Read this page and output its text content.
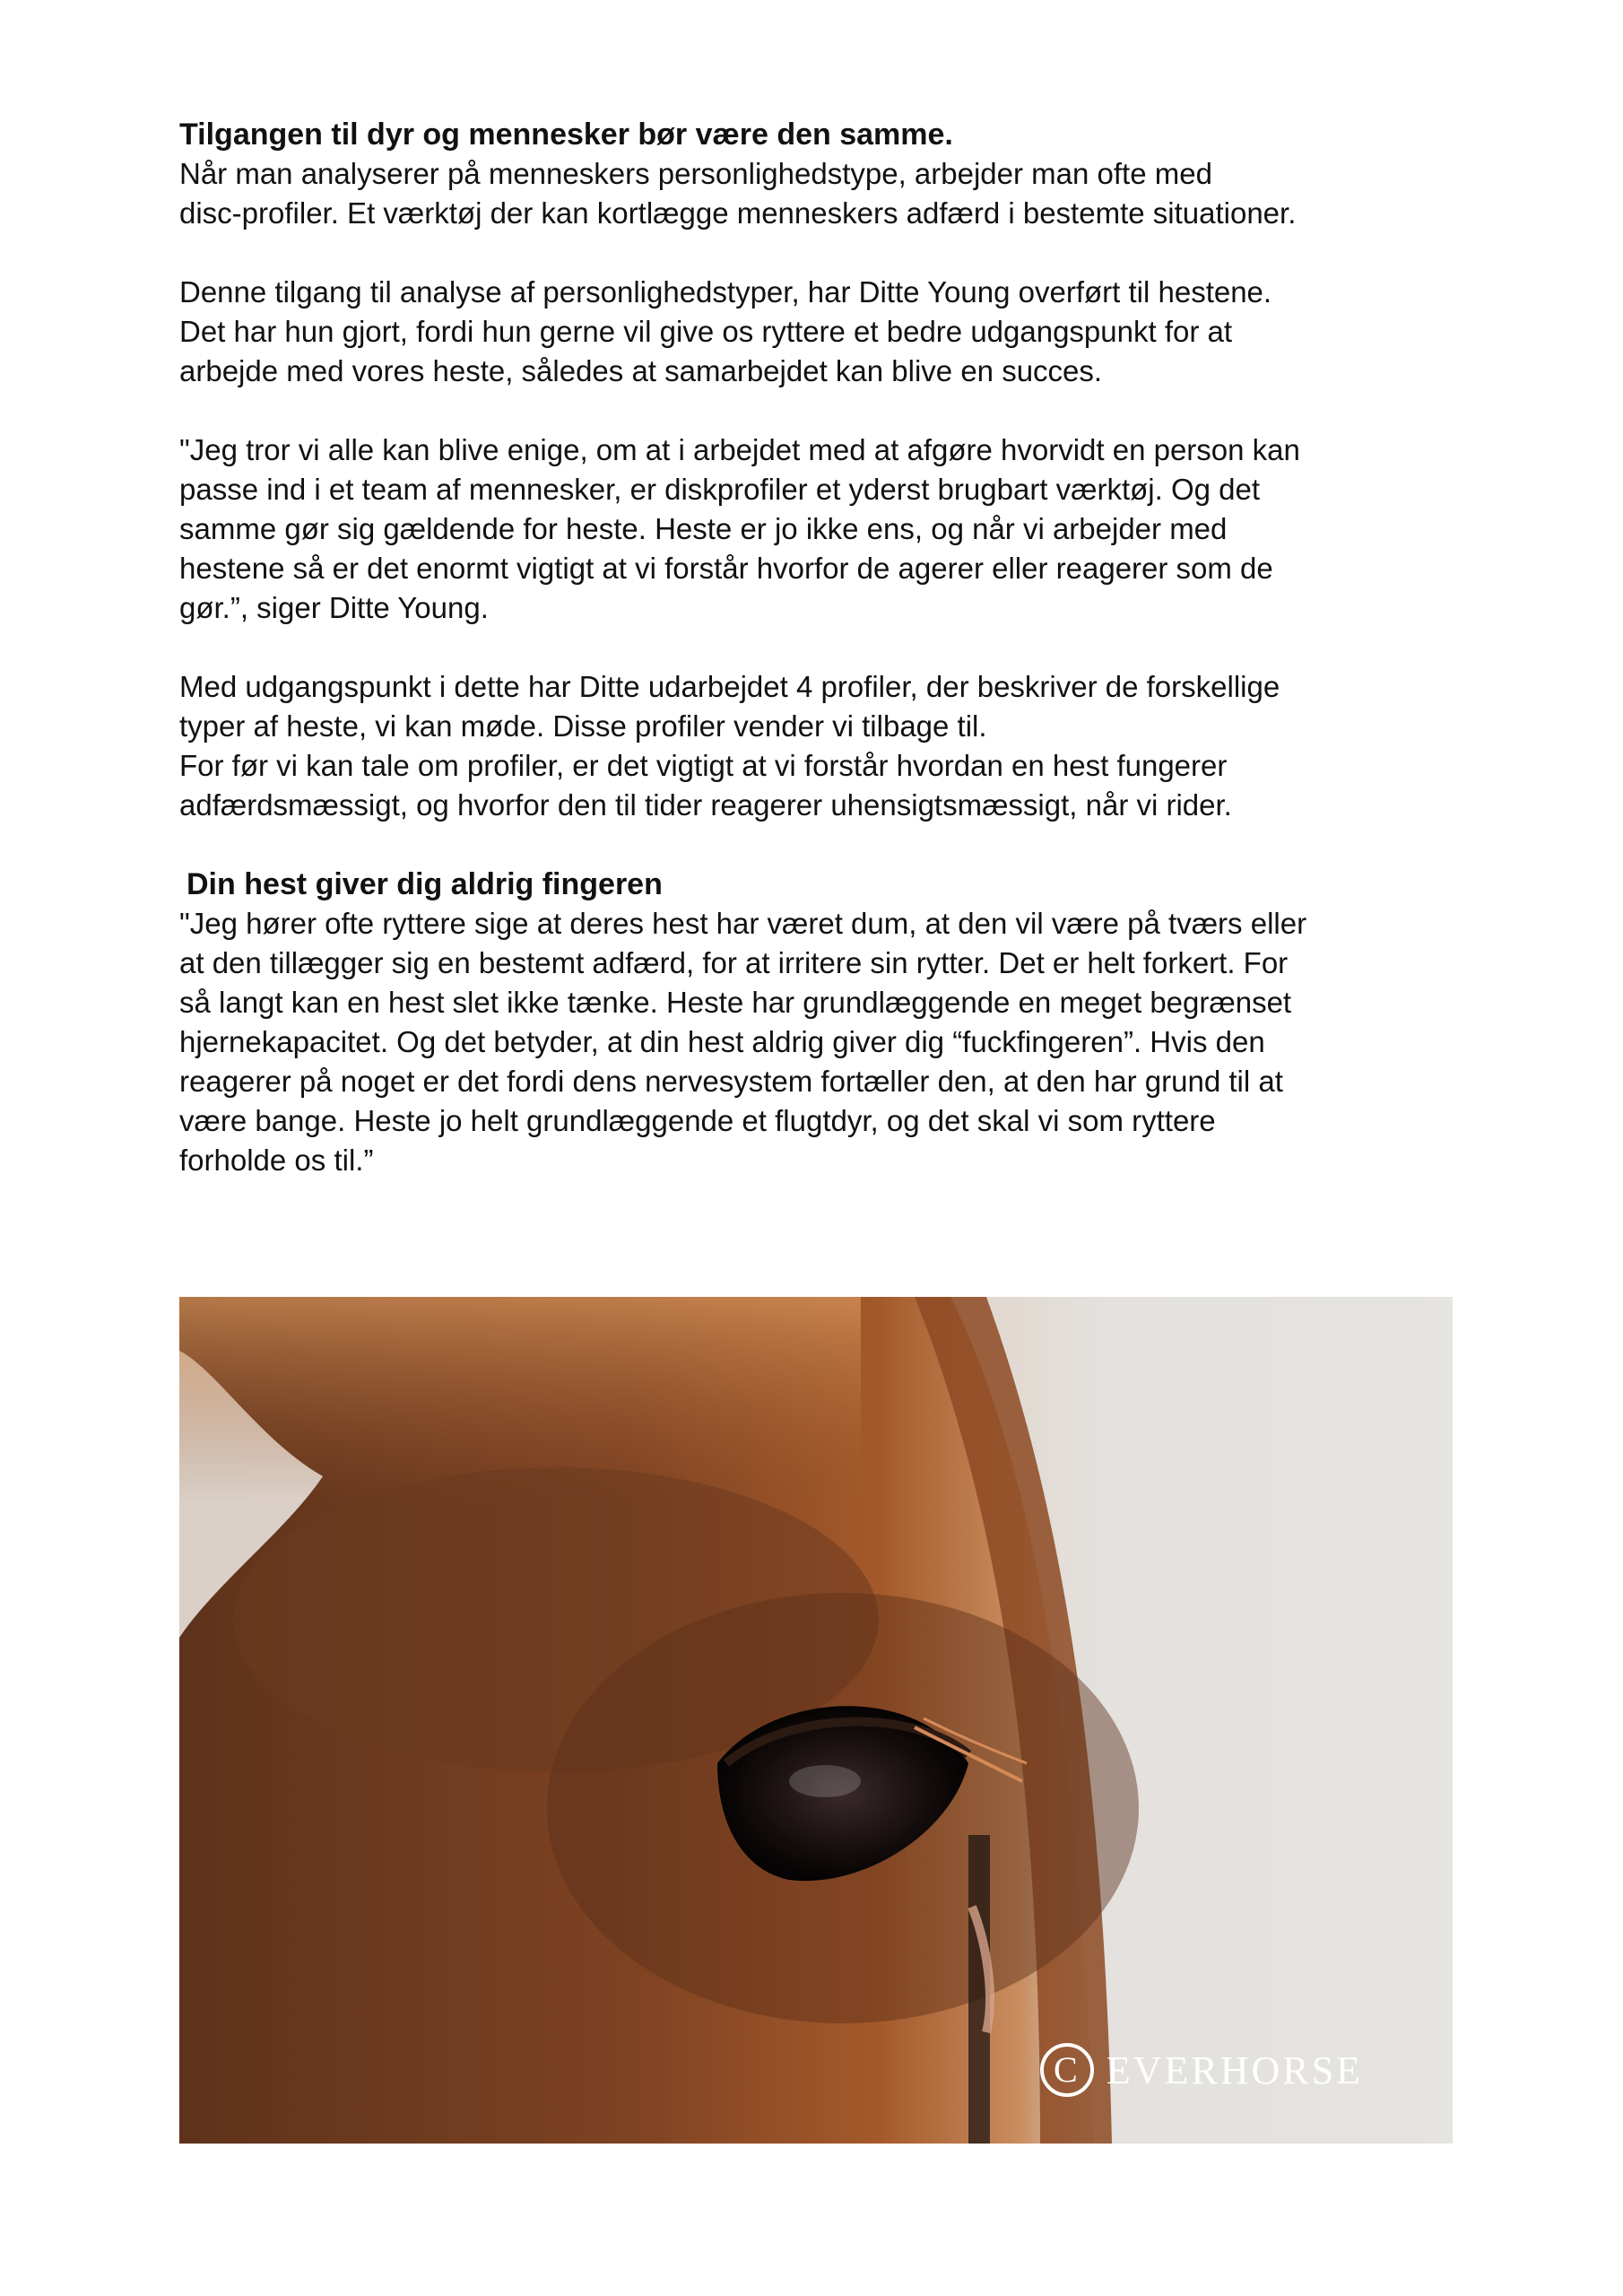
Tilgangen til dyr og mennesker bør være den samme.

Når man analyserer på menneskers personlighedstype, arbejder man ofte med
disc-profiler. Et værktøj der kan kortlægge menneskers adfærd i bestemte situationer.

Denne tilgang til analyse af personlighedstyper, har Ditte Young overført til hestene.
Det har hun gjort, fordi hun gerne vil give os ryttere et bedre udgangspunkt for at
arbejde med vores heste, således at samarbejdet kan blive en succes.

"Jeg tror vi alle kan blive enige, om at i arbejdet med at afgøre hvorvidt en person kan
passe ind i et team af mennesker, er diskprofiler et yderst brugbart værktøj. Og det
samme gør sig gældende for heste. Heste er jo ikke ens, og når vi arbejder med
hestene så er det enormt vigtigt at vi forstår hvorfor de agerer eller reagerer som de
gør.”, siger Ditte Young.

Med udgangspunkt i dette har Ditte udarbejdet 4 profiler, der beskriver de forskellige
typer af heste, vi kan møde. Disse profiler vender vi tilbage til.
For før vi kan tale om profiler, er det vigtigt at vi forstår hvordan en hest fungerer
adfærdsmæssigt, og hvorfor den til tider reagerer uhensigtsmæssigt, når vi rider.

Din hest giver dig aldrig fingeren

"Jeg hører ofte ryttere sige at deres hest har været dum, at den vil være på tværs eller
at den tillægger sig en bestemt adfærd, for at irritere sin rytter. Det er helt forkert. For
så langt kan en hest slet ikke tænke. Heste har grundlæggende en meget begrænset
hjernekapacitet. Og det betyder, at din hest aldrig giver dig “fuckfingeren”. Hvis den
reagerer på noget er det fordi dens nervesystem fortæller den, at den har grund til at
være bange. Heste jo helt grundlæggende et flugtdyr, og det skal vi som ryttere
forholde os til.”

C EVERHORSE
